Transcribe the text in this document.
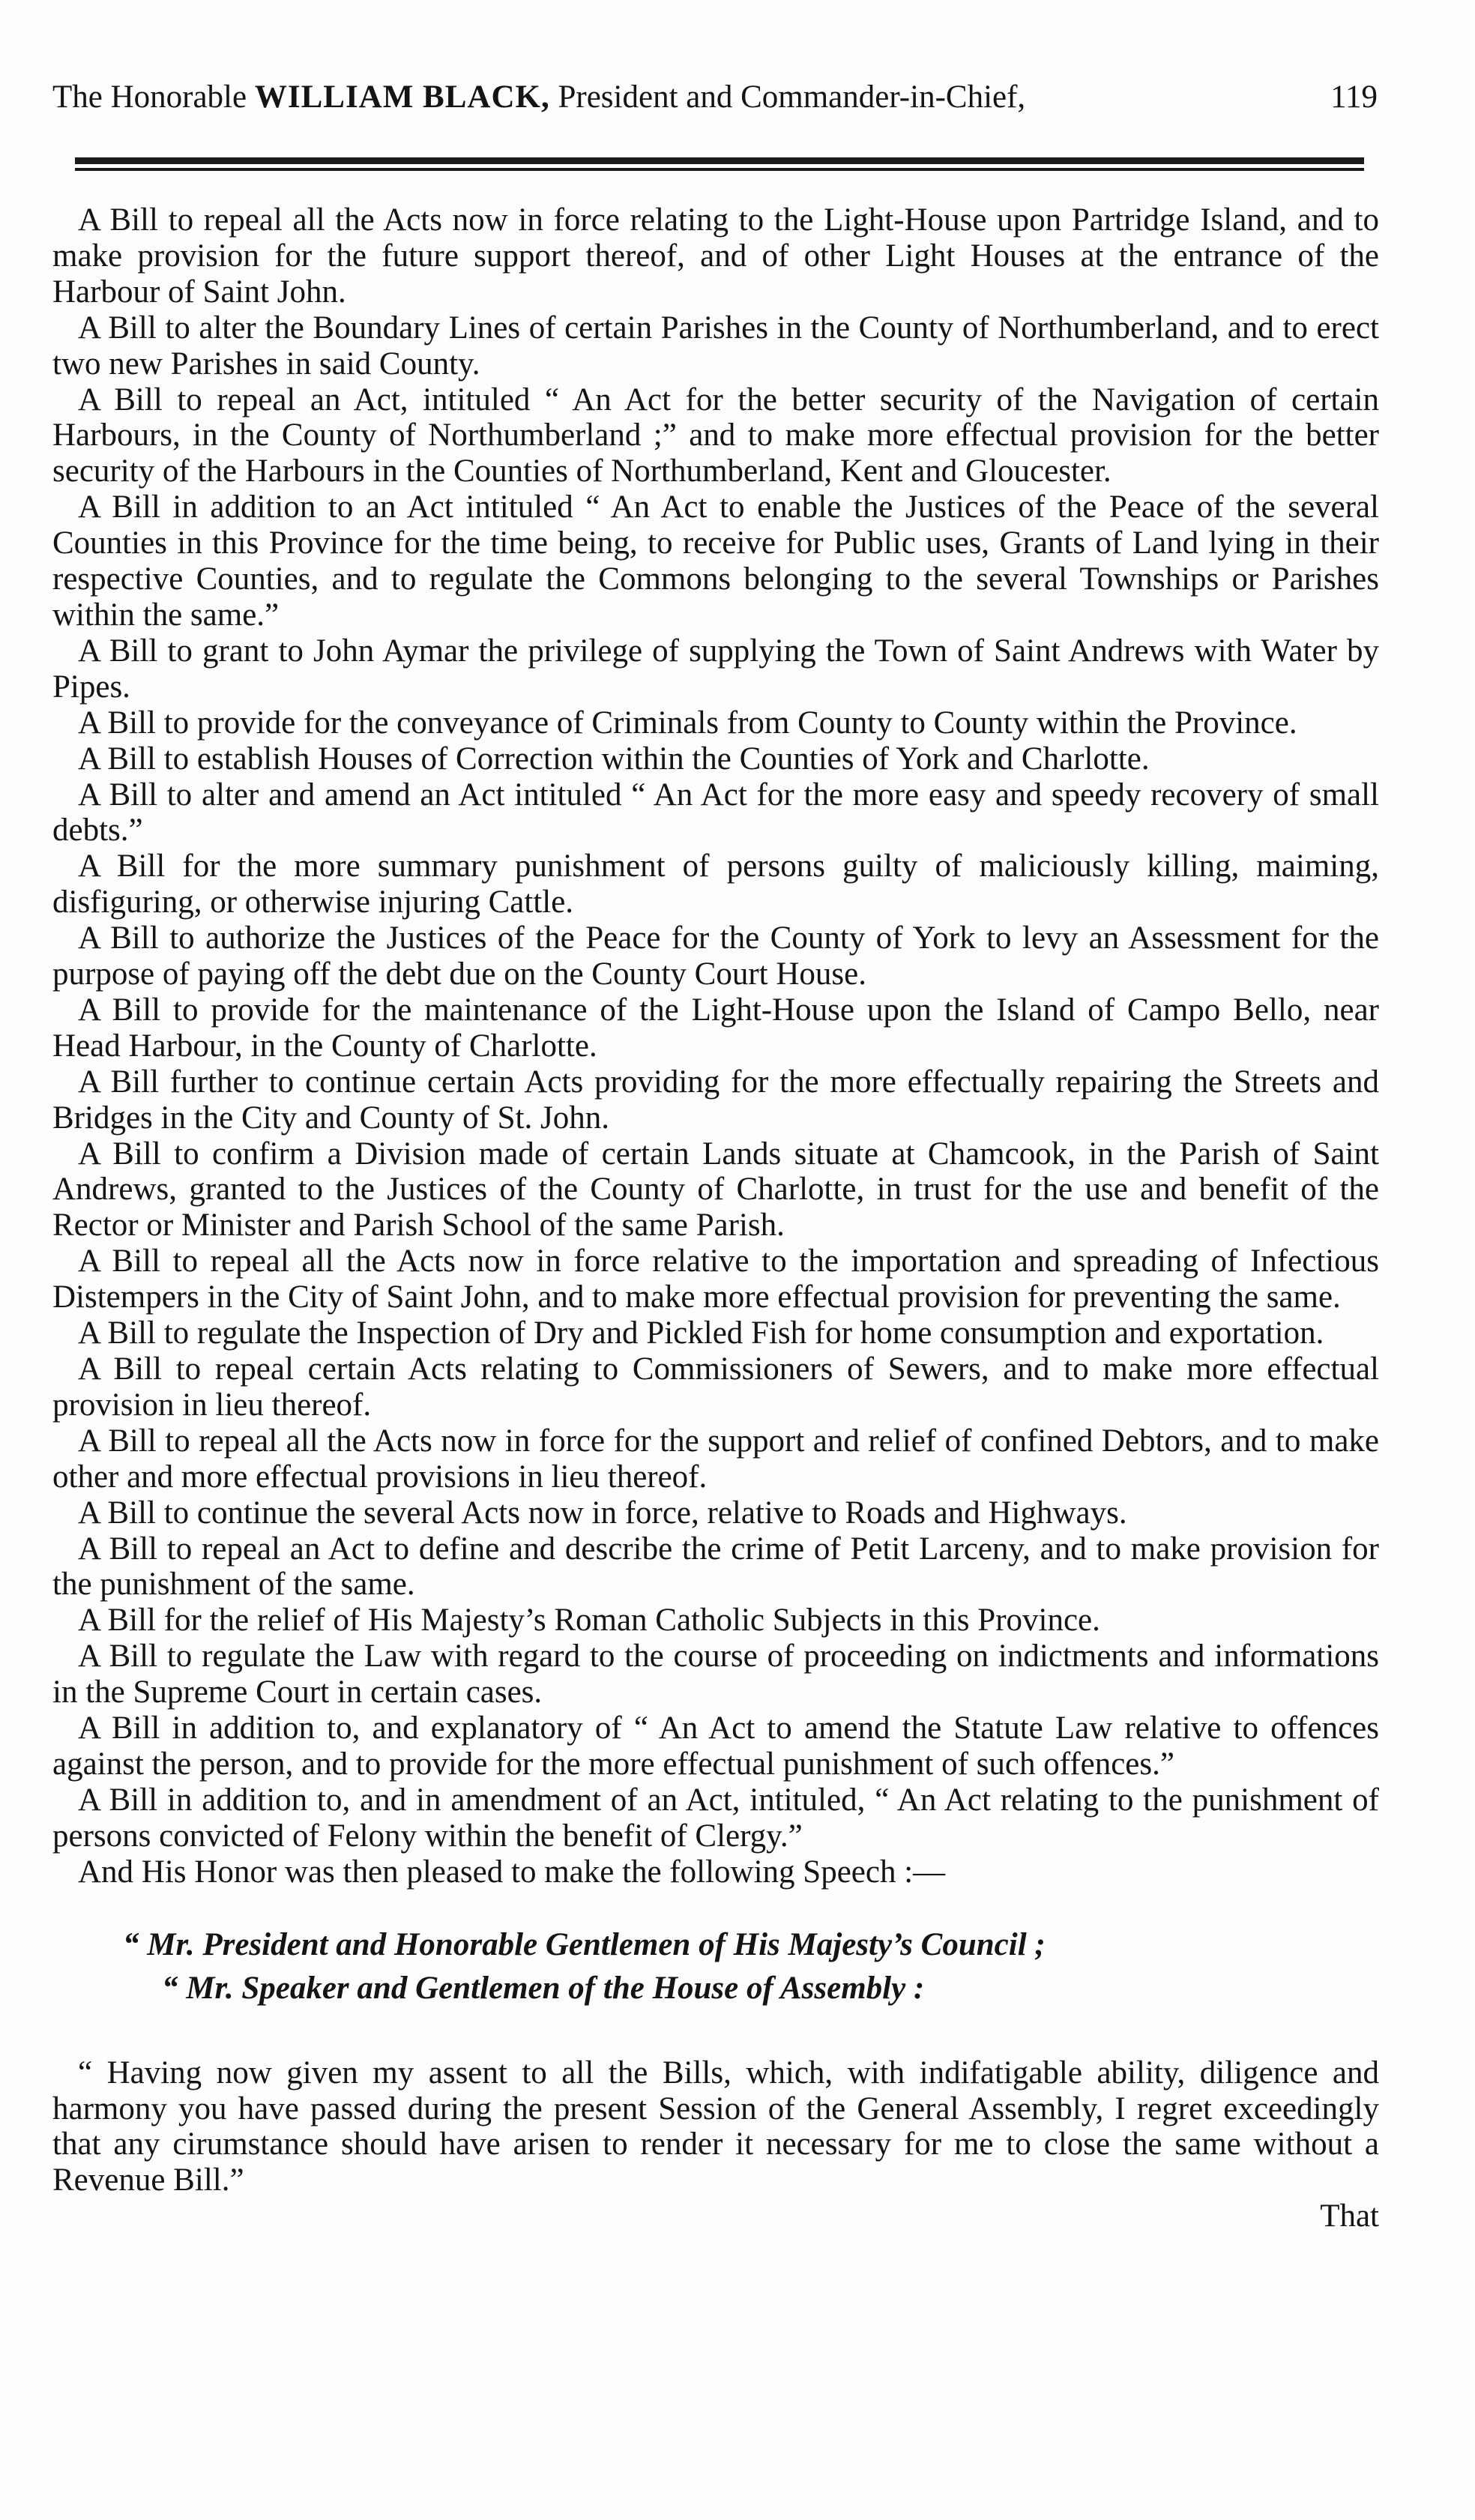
The Honorable WILLIAM BLACK, President and Commander-in-Chief,	119

A Bill to repeal all the Acts now in force relating to the Light-House upon Partridge Island, and to make provision for the future support thereof, and of other Light Houses at the entrance of the Harbour of Saint John.

A Bill to alter the Boundary Lines of certain Parishes in the County of Northumberland, and to erect two new Parishes in said County.

A Bill to repeal an Act, intituled “ An Act for the better security of the Navigation of certain Harbours, in the County of Northumberland ;” and to make more effectual provision for the better security of the Harbours in the Counties of Northumberland, Kent and Gloucester.

A Bill in addition to an Act intituled “ An Act to enable the Justices of the Peace of the several Counties in this Province for the time being, to receive for Public uses, Grants of Land lying in their respective Counties, and to regulate the Commons belonging to the several Townships or Parishes within the same.”

A Bill to grant to John Aymar the privilege of supplying the Town of Saint Andrews with Water by Pipes.

A Bill to provide for the conveyance of Criminals from County to County within the Province.

A Bill to establish Houses of Correction within the Counties of York and Charlotte.

A Bill to alter and amend an Act intituled “ An Act for the more easy and speedy recovery of small debts.”

A Bill for the more summary punishment of persons guilty of maliciously killing, maiming, disfiguring, or otherwise injuring Cattle.

A Bill to authorize the Justices of the Peace for the County of York to levy an Assessment for the purpose of paying off the debt due on the County Court House.

A Bill to provide for the maintenance of the Light-House upon the Island of Campo Bello, near Head Harbour, in the County of Charlotte.

A Bill further to continue certain Acts providing for the more effectually repairing the Streets and Bridges in the City and County of St. John.

A Bill to confirm a Division made of certain Lands situate at Chamcook, in the Parish of Saint Andrews, granted to the Justices of the County of Charlotte, in trust for the use and benefit of the Rector or Minister and Parish School of the same Parish.

A Bill to repeal all the Acts now in force relative to the importation and spreading of Infectious Distempers in the City of Saint John, and to make more effectual provision for preventing the same.

A Bill to regulate the Inspection of Dry and Pickled Fish for home consumption and exportation.

A Bill to repeal certain Acts relating to Commissioners of Sewers, and to make more effectual provision in lieu thereof.

A Bill to repeal all the Acts now in force for the support and relief of confined Debtors, and to make other and more effectual provisions in lieu thereof.

A Bill to continue the several Acts now in force, relative to Roads and Highways.

A Bill to repeal an Act to define and describe the crime of Petit Larceny, and to make provision for the punishment of the same.

A Bill for the relief of His Majesty’s Roman Catholic Subjects in this Province.

A Bill to regulate the Law with regard to the course of proceeding on indictments and informations in the Supreme Court in certain cases.

A Bill in addition to, and explanatory of “ An Act to amend the Statute Law relative to offences against the person, and to provide for the more effectual punishment of such offences.”

A Bill in addition to, and in amendment of an Act, intituled, “ An Act relating to the punishment of persons convicted of Felony within the benefit of Clergy.”

And His Honor was then pleased to make the following Speech :—

“ Mr. President and Honorable Gentlemen of His Majesty’s Council ;
“ Mr. Speaker and Gentlemen of the House of Assembly :

“ Having now given my assent to all the Bills, which, with indifatigable ability, diligence and harmony you have passed during the present Session of the General Assembly, I regret exceedingly that any cirumstance should have arisen to render it necessary for me to close the same without a Revenue Bill.”

That
